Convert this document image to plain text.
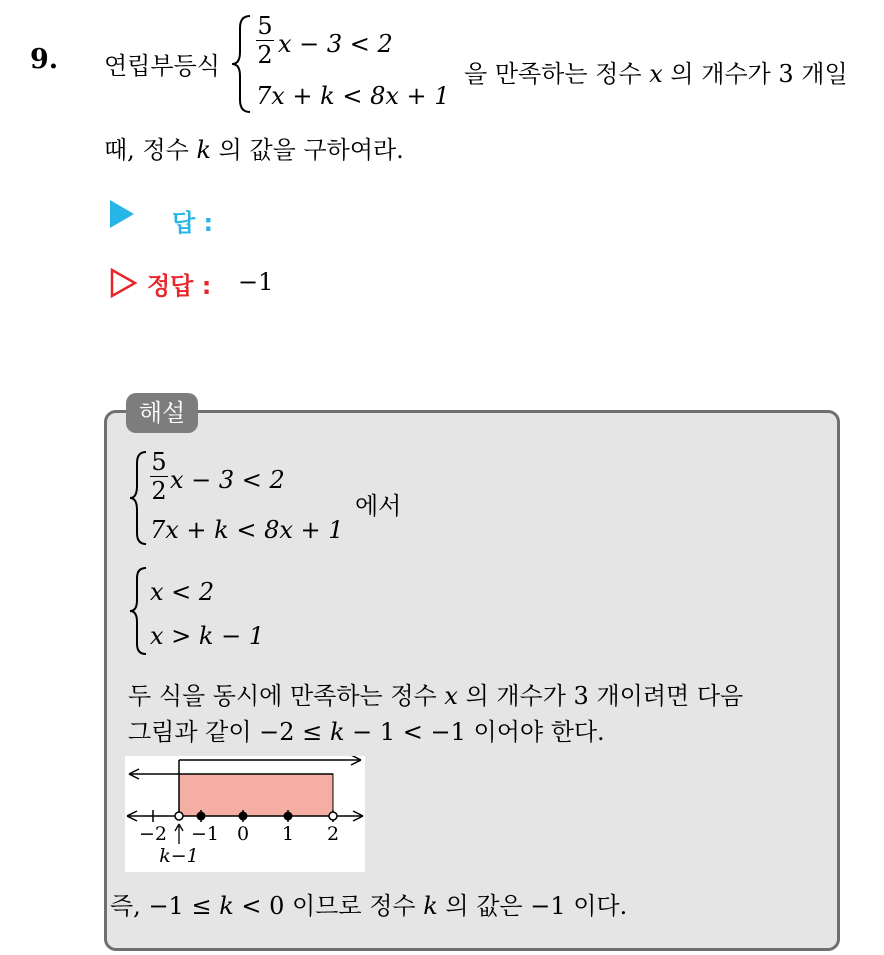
9. 연립부등식
5
2 x − 3 < 2
7x + k < 8x + 1
을 만족하는 정수 x 의 개수가 3 개일
때, 정수 k 의 값을 구하여라.
답 :
정답 : −1
해설
5
2 x − 3 < 2
7x + k < 8x + 1
에서
x < 2
x > k − 1
두 식을 동시에 만족하는 정수 x 의 개수가 3 개이려면 다음
그림과 같이 −2 ≤ k − 1 < −1 이어야 한다.
−2 −1 0 1 2
k−1
즉, −1 ≤ k < 0 이므로 정수 k 의 값은 −1 이다.
